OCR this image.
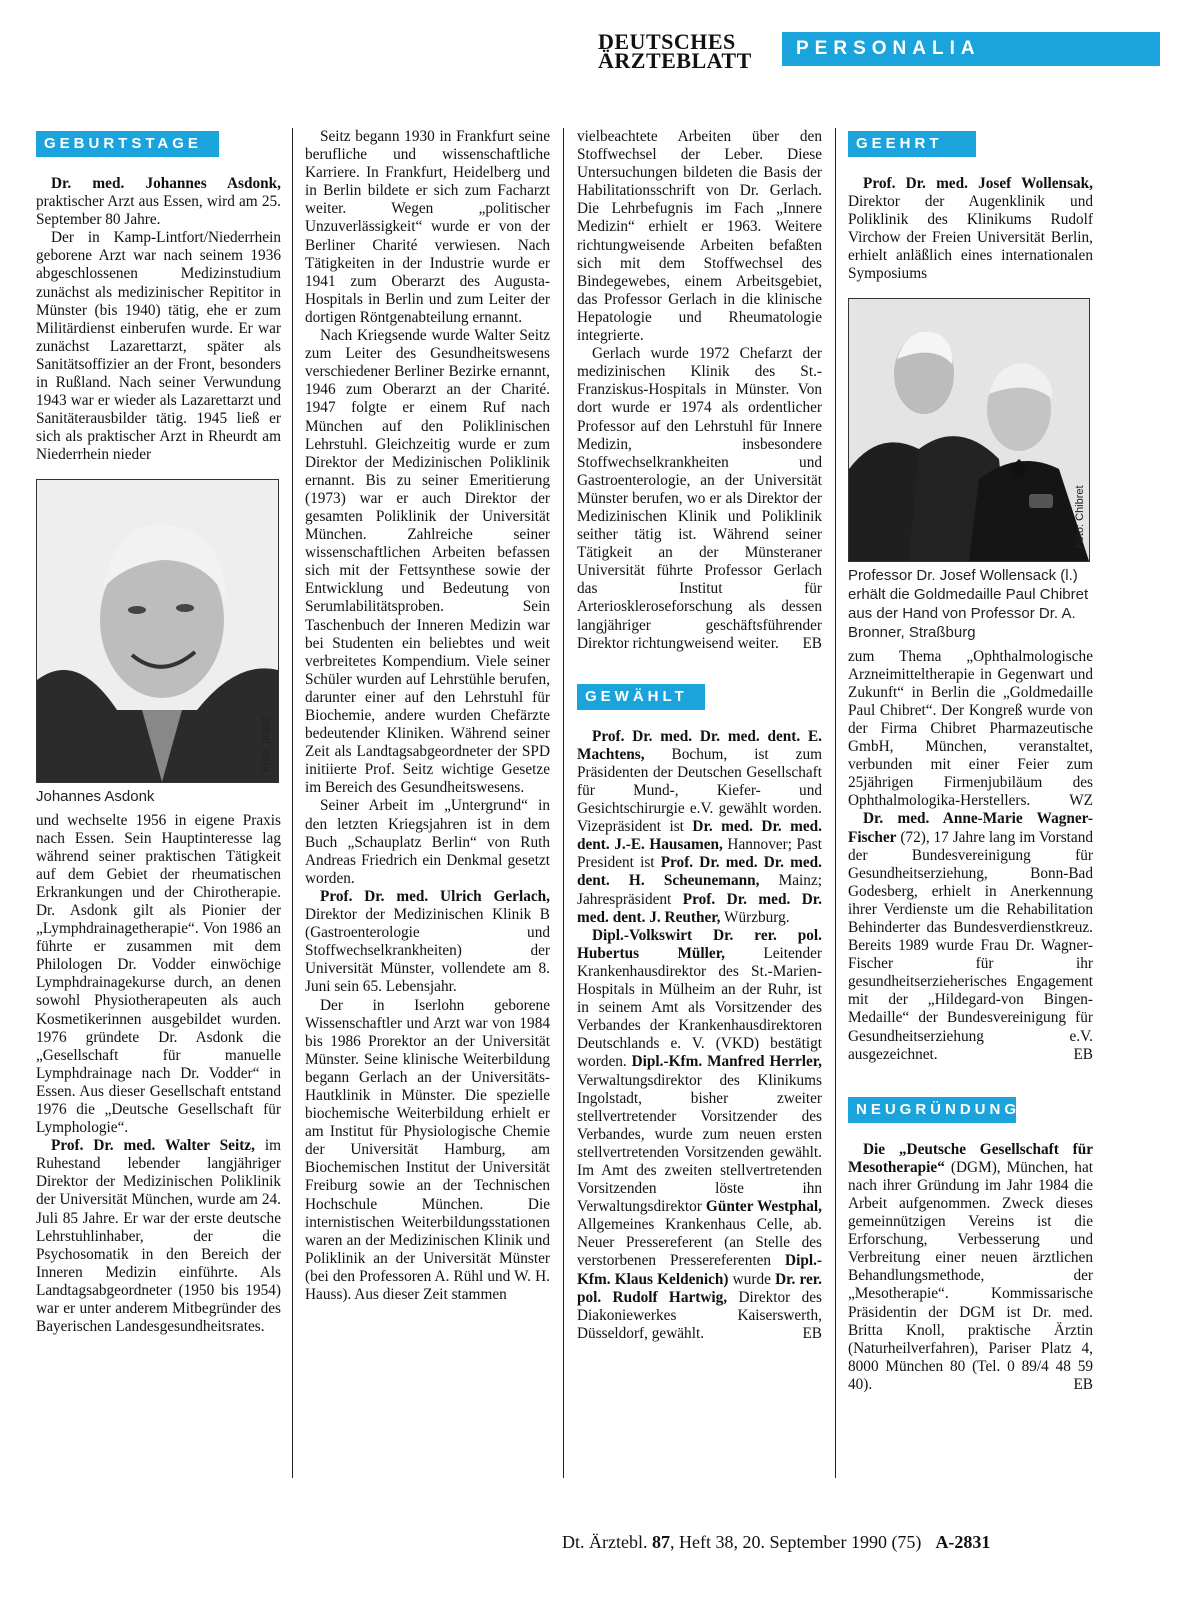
DEUTSCHES
ÄRZTEBLATT	PERSONALIA
GEBURTSTAGE

Dr. med. Johannes Asdonk, praktischer Arzt aus Essen, wird am 25. September 80 Jahre.

Der in Kamp-Lintfort/Niederrhein geborene Arzt war nach seinem 1936 abgeschlossenen Medizinstudium zunächst als medizinischer Repititor in Münster (bis 1940) tätig, ehe er zum Militärdienst einberufen wurde. Er war zunächst Lazarettarzt, später als Sanitätsoffizier an der Front, besonders in Rußland. Nach seiner Verwundung 1943 war er wieder als Lazarettarzt und Sanitäterausbilder tätig. 1945 ließ er sich als praktischer Arzt in Rheurdt am Niederrhein nieder

Foto: privat
Johannes Asdonk

und wechselte 1956 in eigene Praxis nach Essen. Sein Hauptinteresse lag während seiner praktischen Tätigkeit auf dem Gebiet der rheumatischen Erkrankungen und der Chirotherapie. Dr. Asdonk gilt als Pionier der „Lymphdrainagetherapie“. Von 1986 an führte er zusammen mit dem Philologen Dr. Vodder einwöchige Lymphdrainagekurse durch, an denen sowohl Physiotherapeuten als auch Kosmetikerinnen ausgebildet wurden. 1976 gründete Dr. Asdonk die „Gesellschaft für manuelle Lymphdrainage nach Dr. Vodder“ in Essen. Aus dieser Gesellschaft entstand 1976 die „Deutsche Gesellschaft für Lymphologie“.

Prof. Dr. med. Walter Seitz, im Ruhestand lebender langjähriger Direktor der Medizinischen Poliklinik der Universität München, wurde am 24. Juli 85 Jahre. Er war der erste deutsche Lehrstuhlinhaber, der die Psychosomatik in den Bereich der Inneren Medizin einführte. Als Landtagsabgeordneter (1950 bis 1954) war er unter anderem Mitbegründer des Bayerischen Landesgesundheitsrates.

Seitz begann 1930 in Frankfurt seine berufliche und wissenschaftliche Karriere. In Frankfurt, Heidelberg und in Berlin bildete er sich zum Facharzt weiter. Wegen „politischer Unzuverlässigkeit“ wurde er von der Berliner Charité verwiesen. Nach Tätigkeiten in der Industrie wurde er 1941 zum Oberarzt des Augusta-Hospitals in Berlin und zum Leiter der dortigen Röntgenabteilung ernannt.

Nach Kriegsende wurde Walter Seitz zum Leiter des Gesundheitswesens verschiedener Berliner Bezirke ernannt, 1946 zum Oberarzt an der Charité. 1947 folgte er einem Ruf nach München auf den Poliklinischen Lehrstuhl. Gleichzeitig wurde er zum Direktor der Medizinischen Poliklinik ernannt. Bis zu seiner Emeritierung (1973) war er auch Direktor der gesamten Poliklinik der Universität München. Zahlreiche seiner wissenschaftlichen Arbeiten befassen sich mit der Fettsynthese sowie der Entwicklung und Bedeutung von Serumlabilitätsproben. Sein Taschenbuch der Inneren Medizin war bei Studenten ein beliebtes und weit verbreitetes Kompendium. Viele seiner Schüler wurden auf Lehrstühle berufen, darunter einer auf den Lehrstuhl für Biochemie, andere wurden Chefärzte bedeutender Kliniken. Während seiner Zeit als Landtagsabgeordneter der SPD initiierte Prof. Seitz wichtige Gesetze im Bereich des Gesundheitswesens.

Seiner Arbeit im „Untergrund“ in den letzten Kriegsjahren ist in dem Buch „Schauplatz Berlin“ von Ruth Andreas Friedrich ein Denkmal gesetzt worden.

Prof. Dr. med. Ulrich Gerlach, Direktor der Medizinischen Klinik B (Gastroenterologie und Stoffwechselkrankheiten) der Universität Münster, vollendete am 8. Juni sein 65. Lebensjahr.

Der in Iserlohn geborene Wissenschaftler und Arzt war von 1984 bis 1986 Prorektor an der Universität Münster. Seine klinische Weiterbildung begann Gerlach an der Universitäts-Hautklinik in Münster. Die spezielle biochemische Weiterbildung erhielt er am Institut für Physiologische Chemie der Universität Hamburg, am Biochemischen Institut der Universität Freiburg sowie an der Technischen Hochschule München. Die internistischen Weiterbildungsstationen waren an der Medizinischen Klinik und Poliklinik an der Universität Münster (bei den Professoren A. Rühl und W. H. Hauss). Aus dieser Zeit stammen

vielbeachtete Arbeiten über den Stoffwechsel der Leber. Diese Untersuchungen bildeten die Basis der Habilitationsschrift von Dr. Gerlach. Die Lehrbefugnis im Fach „Innere Medizin“ erhielt er 1963. Weitere richtungweisende Arbeiten befaßten sich mit dem Stoffwechsel des Bindegewebes, einem Arbeitsgebiet, das Professor Gerlach in die klinische Hepatologie und Rheumatologie integrierte.

Gerlach wurde 1972 Chefarzt der medizinischen Klinik des St.-Franziskus-Hospitals in Münster. Von dort wurde er 1974 als ordentlicher Professor auf den Lehrstuhl für Innere Medizin, insbesondere Stoffwechselkrankheiten und Gastroenterologie, an der Universität Münster berufen, wo er als Direktor der Medizinischen Klinik und Poliklinik seither tätig ist. Während seiner Tätigkeit an der Münsteraner Universität führte Professor Gerlach das Institut für Arterioskleroseforschung als dessen langjähriger geschäftsführender Direktor richtungweisend weiter.	EB

GEWÄHLT

Prof. Dr. med. Dr. med. dent. E. Machtens, Bochum, ist zum Präsidenten der Deutschen Gesellschaft für Mund-, Kiefer- und Gesichtschirurgie e.V. gewählt worden. Vizepräsident ist Dr. med. Dr. med. dent. J.-E. Hausamen, Hannover; Past President ist Prof. Dr. med. Dr. med. dent. H. Scheunemann, Mainz; Jahrespräsident Prof. Dr. med. Dr. med. dent. J. Reuther, Würzburg.

Dipl.-Volkswirt Dr. rer. pol. Hubertus Müller, Leitender Krankenhausdirektor des St.-Marien-Hospitals in Mülheim an der Ruhr, ist in seinem Amt als Vorsitzender des Verbandes der Krankenhausdirektoren Deutschlands e. V. (VKD) bestätigt worden. Dipl.-Kfm. Manfred Herrler, Verwaltungsdirektor des Klinikums Ingolstadt, bisher zweiter stellvertretender Vorsitzender des Verbandes, wurde zum neuen ersten stellvertretenden Vorsitzenden gewählt. Im Amt des zweiten stellvertretenden Vorsitzenden löste ihn Verwaltungsdirektor Günter Westphal, Allgemeines Krankenhaus Celle, ab. Neuer Pressereferent (an Stelle des verstorbenen Pressereferenten Dipl.-Kfm. Klaus Keldenich) wurde Dr. rer. pol. Rudolf Hartwig, Direktor des Diakoniewerkes Kaiserswerth, Düsseldorf, gewählt.	EB

GEEHRT

Prof. Dr. med. Josef Wollensak, Direktor der Augenklinik und Poliklinik des Klinikums Rudolf Virchow der Freien Universität Berlin, erhielt anläßlich eines internationalen Symposiums

Foto: Chibret
Professor Dr. Josef Wollensack (l.) erhält die Goldmedaille Paul Chibret aus der Hand von Professor Dr. A. Bronner, Straßburg

zum Thema „Ophthalmologische Arzneimitteltherapie in Gegenwart und Zukunft“ in Berlin die „Goldmedaille Paul Chibret“. Der Kongreß wurde von der Firma Chibret Pharmazeutische GmbH, München, veranstaltet, verbunden mit einer Feier zum 25jährigen Firmenjubiläum des Ophthalmologika-Herstellers.	WZ

Dr. med. Anne-Marie Wagner-Fischer (72), 17 Jahre lang im Vorstand der Bundesvereinigung für Gesundheitserziehung, Bonn-Bad Godesberg, erhielt in Anerkennung ihrer Verdienste um die Rehabilitation Behinderter das Bundesverdienstkreuz. Bereits 1989 wurde Frau Dr. Wagner-Fischer für ihr gesundheitserzieherisches Engagement mit der „Hildegard-von Bingen-Medaille“ der Bundesvereinigung für Gesundheitserziehung e.V. ausgezeichnet.	EB

NEUGRÜNDUNG

Die „Deutsche Gesellschaft für Mesotherapie“ (DGM), München, hat nach ihrer Gründung im Jahr 1984 die Arbeit aufgenommen. Zweck dieses gemeinnützigen Vereins ist die Erforschung, Verbesserung und Verbreitung einer neuen ärztlichen Behandlungsmethode, der „Mesotherapie“. Kommissarische Präsidentin der DGM ist Dr. med. Britta Knoll, praktische Ärztin (Naturheilverfahren), Pariser Platz 4, 8000 München 80 (Tel. 0 89/4 48 59 40).	EB

Dt. Ärztebl. 87, Heft 38, 20. September 1990 (75) A-2831
